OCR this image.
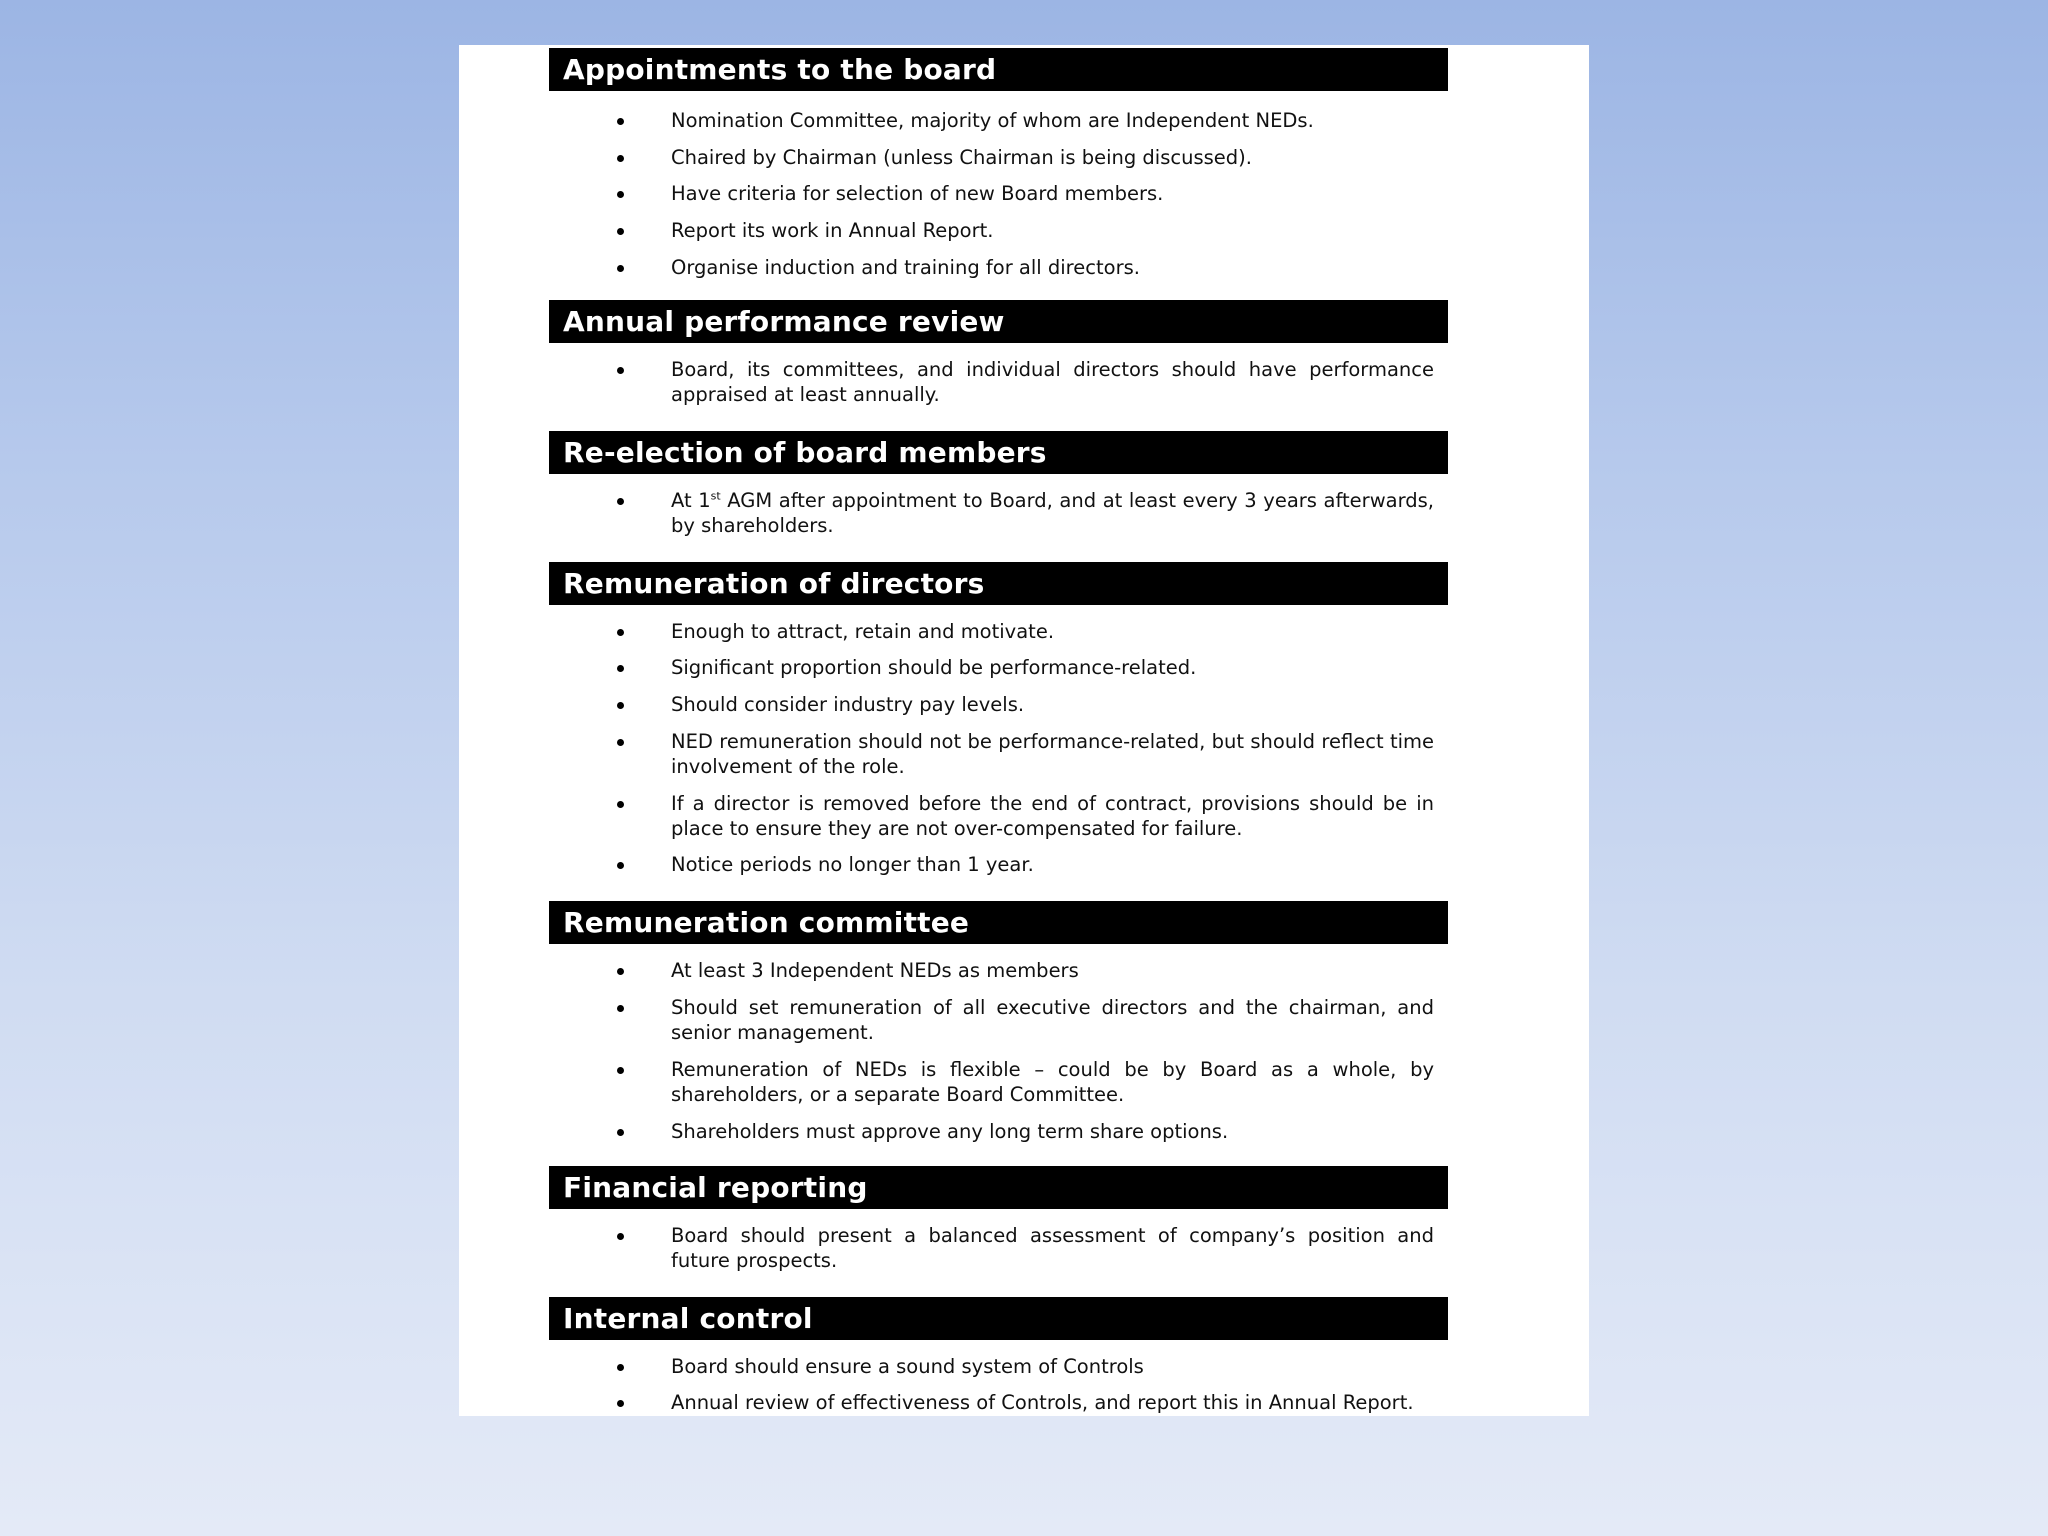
Appointments to the board
Nomination Committee, majority of whom are Independent NEDs.
Chaired by Chairman (unless Chairman is being discussed).
Have criteria for selection of new Board members.
Report its work in Annual Report.
Organise induction and training for all directors.
Annual performance review
Board, its committees, and individual directors should have performance appraised at least annually.
Re-election of board members
At 1st AGM after appointment to Board, and at least every 3 years afterwards, by shareholders.
Remuneration of directors
Enough to attract, retain and motivate.
Significant proportion should be performance-related.
Should consider industry pay levels.
NED remuneration should not be performance-related, but should reflect time involvement of the role.
If a director is removed before the end of contract, provisions should be in place to ensure they are not over-compensated for failure.
Notice periods no longer than 1 year.
Remuneration committee
At least 3 Independent NEDs as members
Should set remuneration of all executive directors and the chairman, and senior management.
Remuneration of NEDs is flexible – could be by Board as a whole, by shareholders, or a separate Board Committee.
Shareholders must approve any long term share options.
Financial reporting
Board should present a balanced assessment of company’s position and future prospects.
Internal control
Board should ensure a sound system of Controls
Annual review of effectiveness of Controls, and report this in Annual Report.
